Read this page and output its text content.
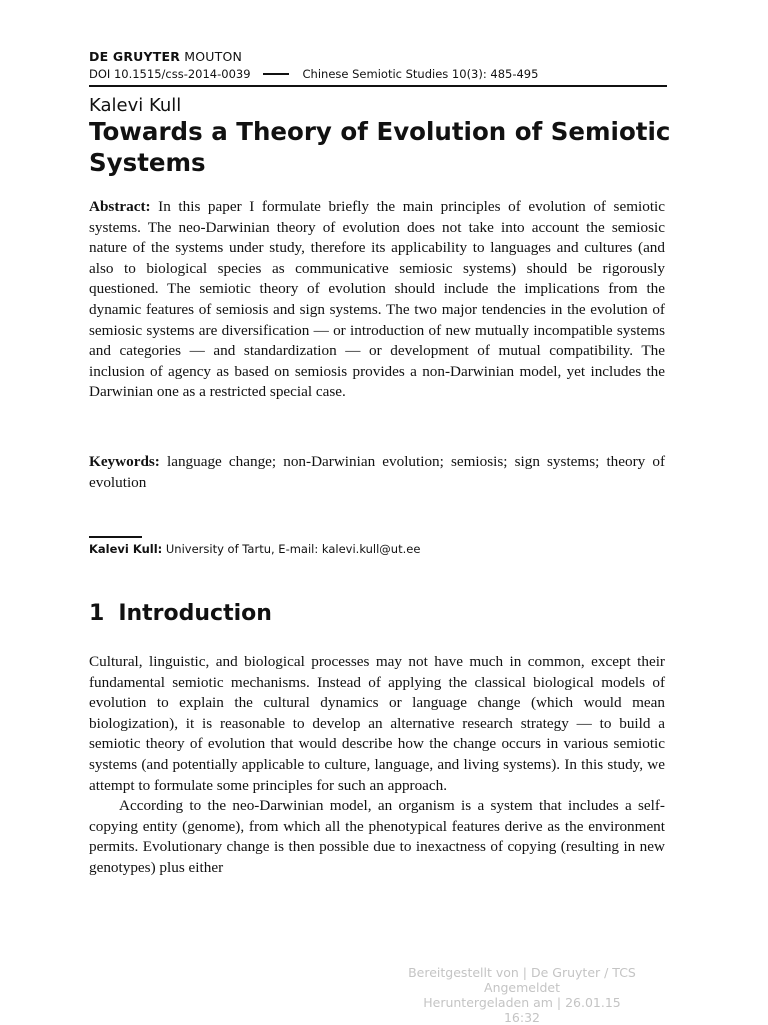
DE GRUYTER MOUTON
DOI 10.1515/css-2014-0039	Chinese Semiotic Studies 10(3): 485-495
Kalevi Kull
Towards a Theory of Evolution of Semiotic Systems

Abstract: In this paper I formulate briefly the main principles of evolution of semiotic systems. The neo-Darwinian theory of evolution does not take into account the semiosic nature of the systems under study, therefore its applicability to languages and cultures (and also to biological species as communicative semiosic systems) should be rigorously questioned. The semiotic theory of evolution should include the implications from the dynamic features of semiosis and sign systems. The two major tendencies in the evolution of semiosic systems are diversification — or introduction of new mutually incompatible systems and categories — and standardization — or development of mutual compatibility. The inclusion of agency as based on semiosis provides a non-Darwinian model, yet includes the Darwinian one as a restricted special case.

Keywords: language change; non-Darwinian evolution; semiosis; sign systems; theory of evolution

Kalevi Kull: University of Tartu, E-mail: kalevi.kull@ut.ee
1 Introduction

Cultural, linguistic, and biological processes may not have much in common, except their fundamental semiotic mechanisms. Instead of applying the classical biological models of evolution to explain the cultural dynamics or language change (which would mean biologization), it is reasonable to develop an alternative research strategy — to build a semiotic theory of evolution that would describe how the change occurs in various semiotic systems (and potentially applicable to culture, language, and living systems). In this study, we attempt to formulate some principles for such an approach.

According to the neo-Darwinian model, an organism is a system that includes a self-copying entity (genome), from which all the phenotypical features derive as the environment permits. Evolutionary change is then possible due to inexactness of copying (resulting in new genotypes) plus either

Bereitgestellt von | De Gruyter / TCS
Angemeldet
Heruntergeladen am | 26.01.15 16:32
